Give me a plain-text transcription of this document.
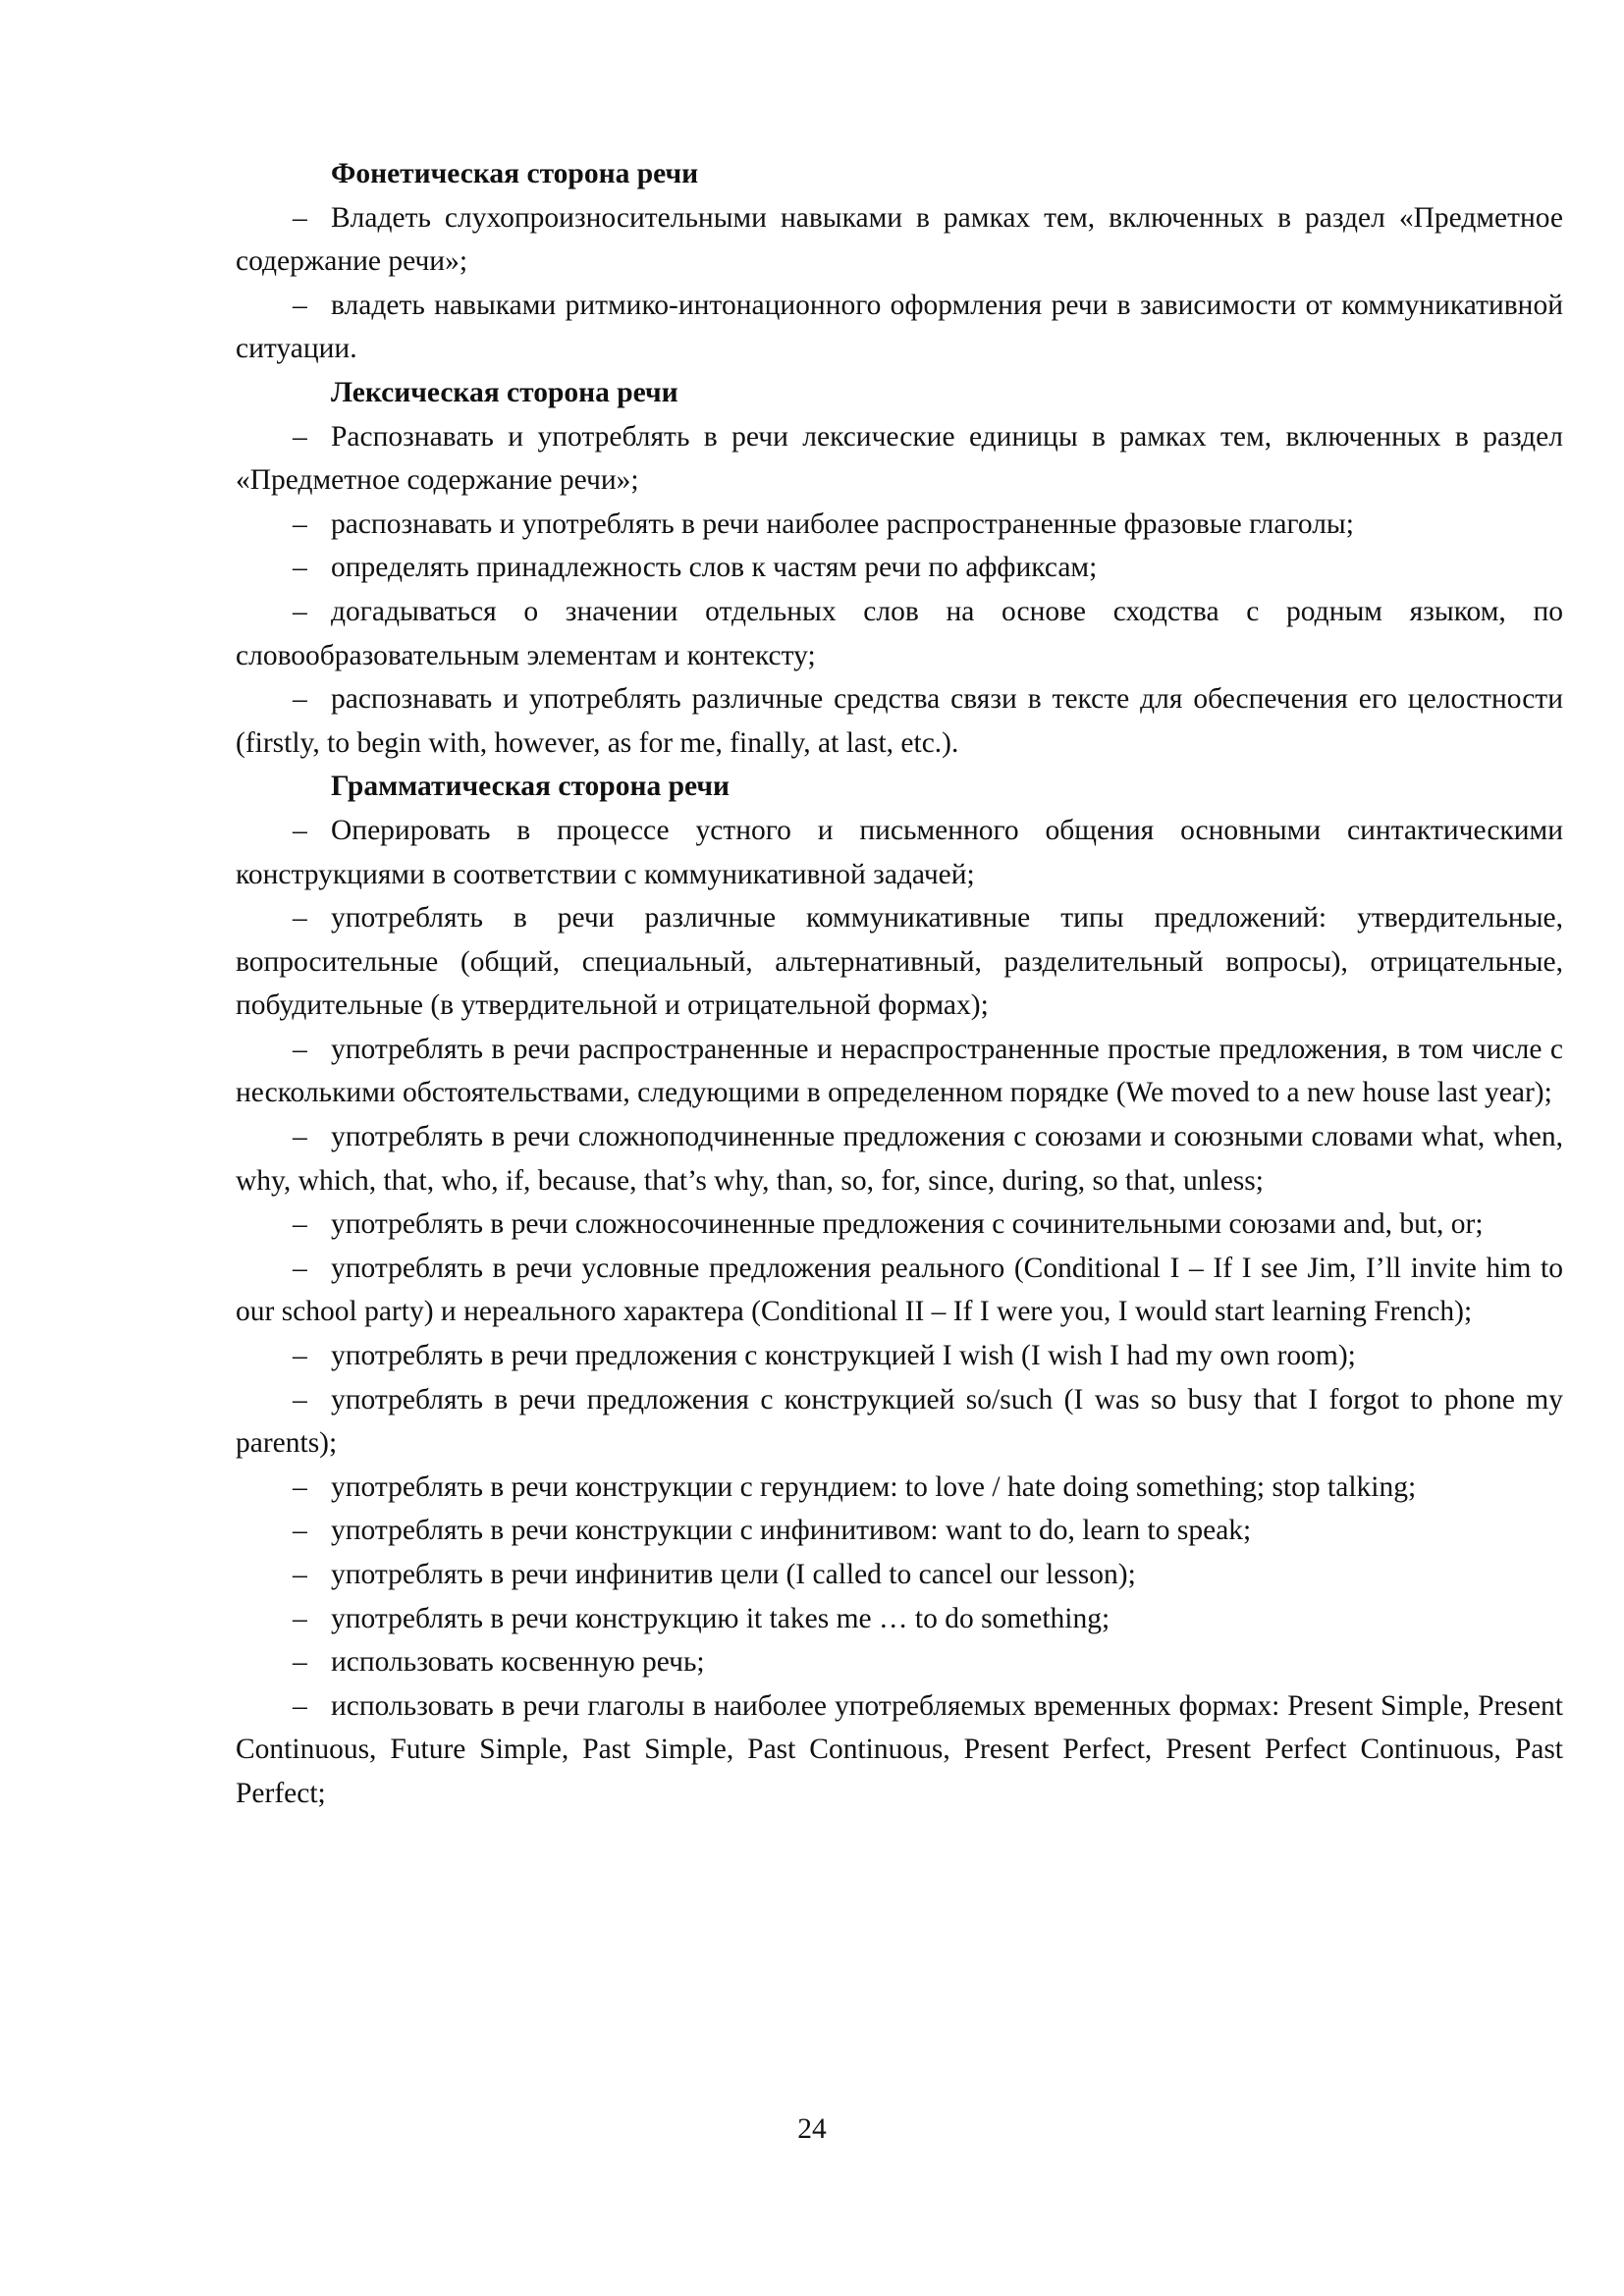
Фонетическая сторона речи

– Владеть слухопроизносительными навыками в рамках тем, включенных в раздел «Предметное содержание речи»;

– владеть навыками ритмико-интонационного оформления речи в зависимости от коммуникативной ситуации.

Лексическая сторона речи

– Распознавать и употреблять в речи лексические единицы в рамках тем, включенных в раздел «Предметное содержание речи»;

– распознавать и употреблять в речи наиболее распространенные фразовые глаголы;

– определять принадлежность слов к частям речи по аффиксам;

– догадываться о значении отдельных слов на основе сходства с родным языком, по словообразовательным элементам и контексту;

– распознавать и употреблять различные средства связи в тексте для обеспечения его целостности (firstly, to begin with, however, as for me, finally, at last, etc.).

Грамматическая сторона речи

– Оперировать в процессе устного и письменного общения основными синтактическими конструкциями в соответствии с коммуникативной задачей;

– употреблять в речи различные коммуникативные типы предложений: утвердительные, вопросительные (общий, специальный, альтернативный, разделительный вопросы), отрицательные, побудительные (в утвердительной и отрицательной формах);

– употреблять в речи распространенные и нераспространенные простые предложения, в том числе с несколькими обстоятельствами, следующими в определенном порядке (We moved to a new house last year);

– употреблять в речи сложноподчиненные предложения с союзами и союзными словами what, when, why, which, that, who, if, because, that’s why, than, so, for, since, during, so that, unless;

– употреблять в речи сложносочиненные предложения с сочинительными союзами and, but, or;

– употреблять в речи условные предложения реального (Conditional I – If I see Jim, I’ll invite him to our school party) и нереального характера (Conditional II – If I were you, I would start learning French);

– употреблять в речи предложения с конструкцией I wish (I wish I had my own room);

– употреблять в речи предложения с конструкцией so/such (I was so busy that I forgot to phone my parents);

– употреблять в речи конструкции с герундием: to love / hate doing something; stop talking;

– употреблять в речи конструкции с инфинитивом: want to do, learn to speak;

– употреблять в речи инфинитив цели (I called to cancel our lesson);

– употреблять в речи конструкцию it takes me … to do something;

– использовать косвенную речь;

– использовать в речи глаголы в наиболее употребляемых временных формах: Present Simple, Present Continuous, Future Simple, Past Simple, Past Continuous, Present Perfect, Present Perfect Continuous, Past Perfect;

24
